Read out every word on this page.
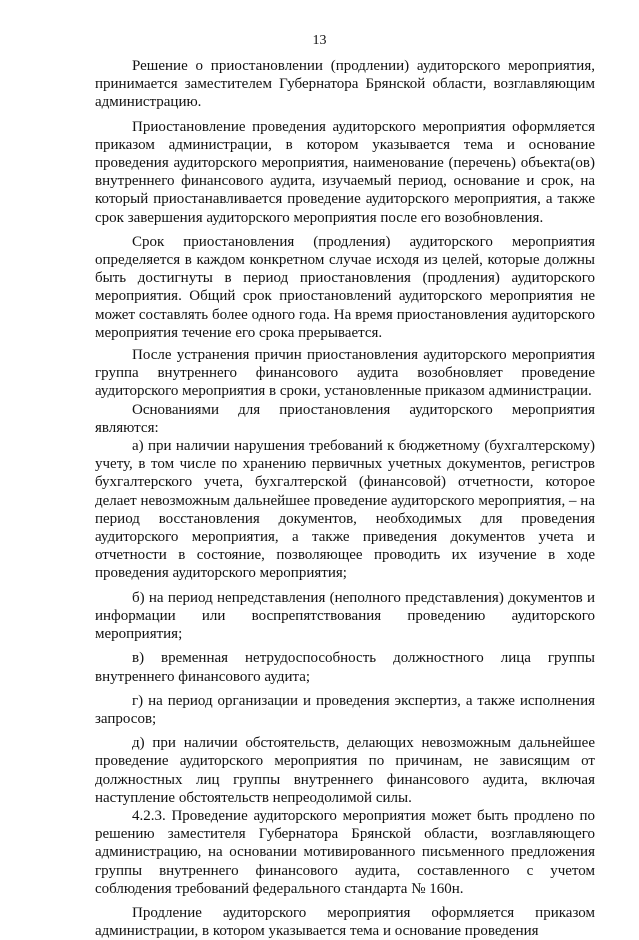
13

Решение о приостановлении (продлении) аудиторского мероприятия, принимается заместителем Губернатора Брянской области, возглавляющим администрацию.

Приостановление проведения аудиторского мероприятия оформляется приказом администрации, в котором указывается тема и основание проведения аудиторского мероприятия, наименование (перечень) объекта(ов) внутреннего финансового аудита, изучаемый период, основание и срок, на который приостанавливается проведение аудиторского мероприятия, а также срок завершения аудиторского мероприятия после его возобновления.

Срок приостановления (продления) аудиторского мероприятия определяется в каждом конкретном случае исходя из целей, которые должны быть достигнуты в период приостановления (продления) аудиторского мероприятия. Общий срок приостановлений аудиторского мероприятия не может составлять более одного года. На время приостановления аудиторского мероприятия течение его срока прерывается.

После устранения причин приостановления аудиторского мероприятия группа внутреннего финансового аудита возобновляет проведение аудиторского мероприятия в сроки, установленные приказом администрации.

Основаниями для приостановления аудиторского мероприятия являются:

а) при наличии нарушения требований к бюджетному (бухгалтерскому) учету, в том числе по хранению первичных учетных документов, регистров бухгалтерского учета, бухгалтерской (финансовой) отчетности, которое делает невозможным дальнейшее проведение аудиторского мероприятия, – на период восстановления документов, необходимых для проведения аудиторского мероприятия, а также приведения документов учета и отчетности в состояние, позволяющее проводить их изучение в ходе проведения аудиторского мероприятия;

б) на период непредставления (неполного представления) документов и информации или воспрепятствования проведению аудиторского мероприятия;

в) временная нетрудоспособность должностного лица группы внутреннего финансового аудита;

г) на период организации и проведения экспертиз, а также исполнения запросов;

д) при наличии обстоятельств, делающих невозможным дальнейшее проведение аудиторского мероприятия по причинам, не зависящим от должностных лиц группы внутреннего финансового аудита, включая наступление обстоятельств непреодолимой силы.

4.2.3. Проведение аудиторского мероприятия может быть продлено по решению заместителя Губернатора Брянской области, возглавляющего администрацию, на основании мотивированного письменного предложения группы внутреннего финансового аудита, составленного с учетом соблюдения требований федерального стандарта № 160н.

Продление аудиторского мероприятия оформляется приказом администрации, в котором указывается тема и основание проведения
